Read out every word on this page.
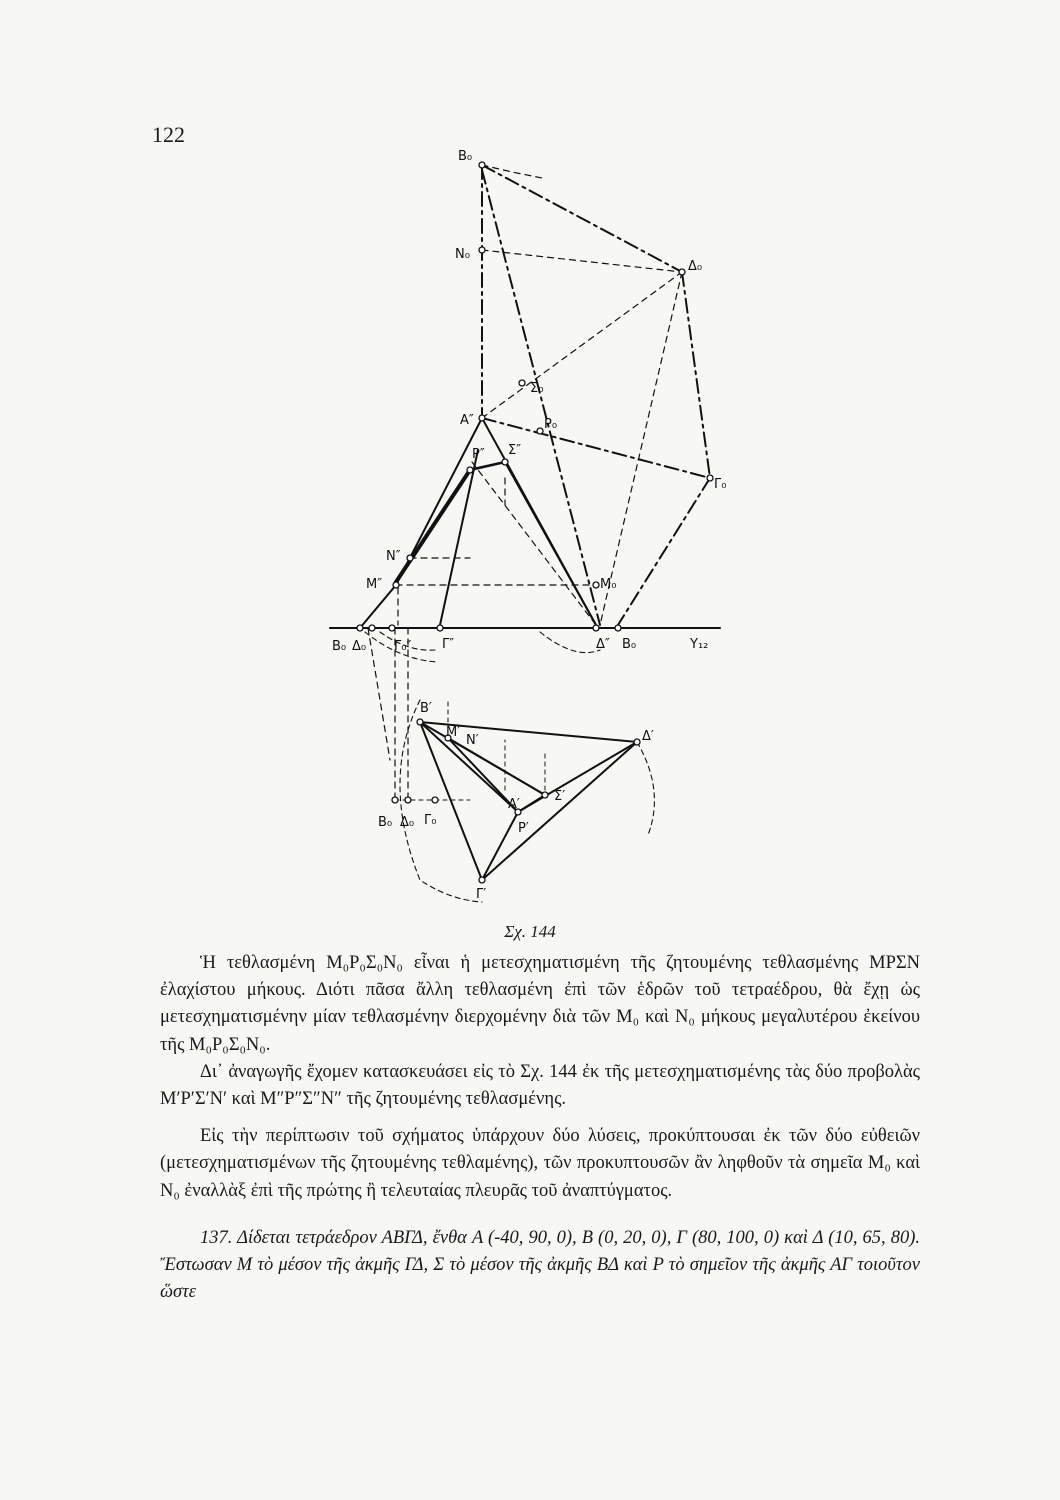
122
B₀
N₀
Δ₀
Σ₀
A″	P₀
P″ Σ″
Γ₀
N″
M″	M₀
B₀ Δ₀ Γ₀″ Γ″	Δ″ B₀	Y₁₂
B′
M′
N′	Δ′
A′
Σ′
P′
Γ′
B₀ Δ₀ Γ₀
Σχ. 144

Ἡ τεθλασμένη M₀P₀Σ₀N₀ εἶναι ἡ μετεσχηματισμένη τῆς ζητουμένης τεθλασμένης ΜΡΣΝ ἐλαχίστου μήκους. Διότι πᾶσα ἄλλη τεθλασμένη ἐπὶ τῶν ἑδρῶν τοῦ τετραέδρου, θὰ ἔχῃ ὡς μετεσχηματισμένην μίαν τεθλασμένην διερχομένην διὰ τῶν M₀ καὶ N₀ μήκους μεγαλυτέρου ἐκείνου τῆς M₀P₀Σ₀N₀.

Δι᾽ ἀναγωγῆς ἔχομεν κατασκευάσει εἰς τὸ Σχ. 144 ἐκ τῆς μετεσχηματισμένης τὰς δύο προβολὰς M′P′Σ′N′ καὶ M″P″Σ″N″ τῆς ζητουμένης τεθλασμένης.

Εἰς τὴν περίπτωσιν τοῦ σχήματος ὑπάρχουν δύο λύσεις, προκύπτουσαι ἐκ τῶν δύο εὐθειῶν (μετεσχηματισμένων τῆς ζητουμένης τεθλαμένης), τῶν προκυπτουσῶν ἂν ληφθοῦν τὰ σημεῖα M₀ καὶ N₀ ἐναλλὰξ ἐπὶ τῆς πρώτης ἢ τελευταίας πλευρᾶς τοῦ ἀναπτύγματος.

137. Δίδεται τετράεδρον ΑΒΓΔ, ἔνθα A (-40, 90, 0), B (0, 20, 0), Γ (80, 100, 0) καὶ Δ (10, 65, 80). Ἔστωσαν M τὸ μέσον τῆς ἀκμῆς ΓΔ, Σ τὸ μέσον τῆς ἀκμῆς ΒΔ καὶ P τὸ σημεῖον τῆς ἀκμῆς ΑΓ τοιοῦτον ὥστε
